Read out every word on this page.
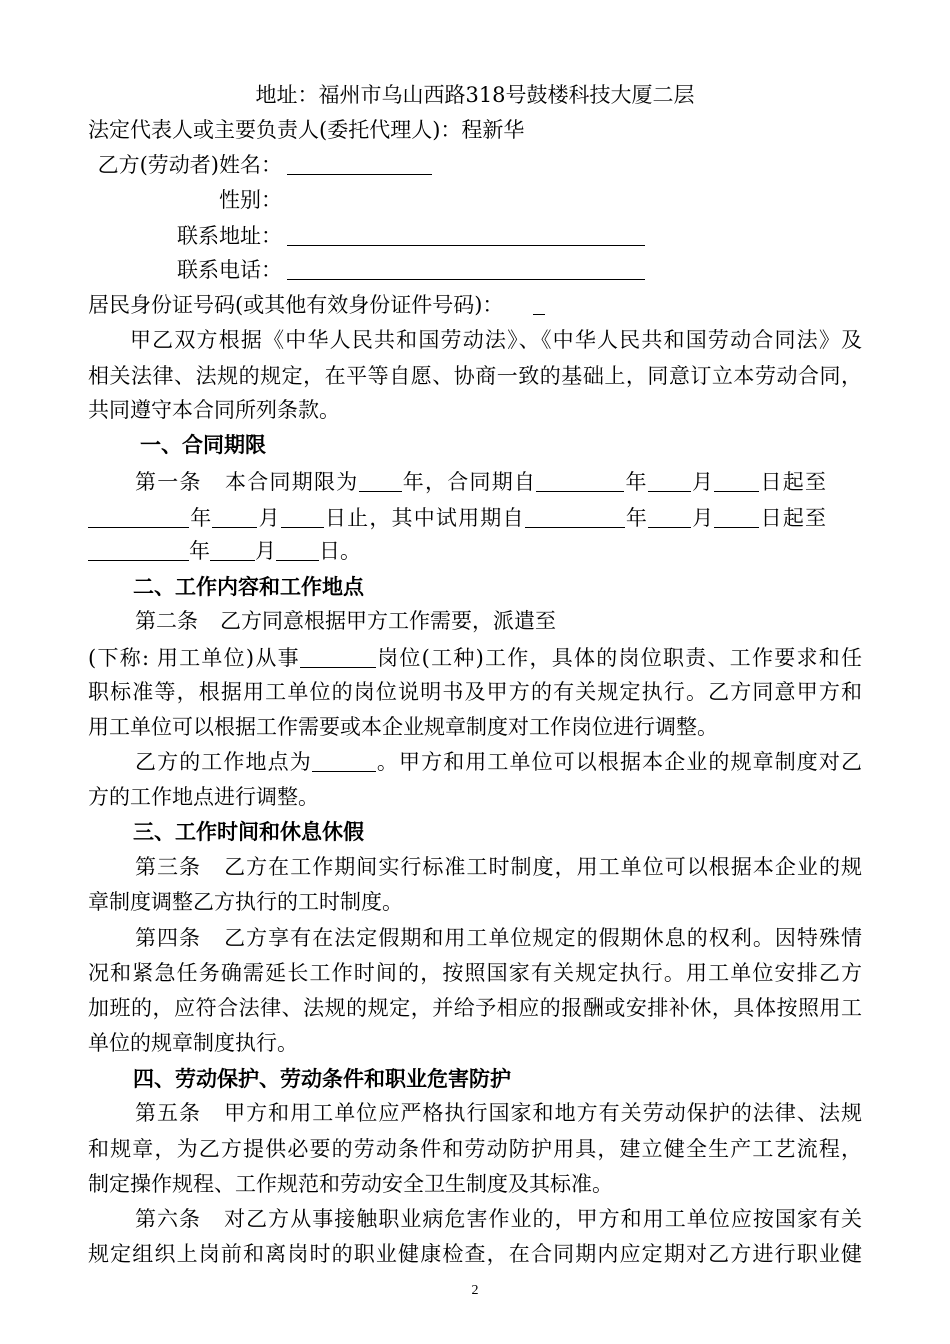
地址：福州市乌山西路318号鼓楼科技大厦二层
法定代表人或主要负责人(委托代理人)：程新华
乙方(劳动者)姓名：
性别：
联系地址：
联系电话：
居民身份证号码(或其他有效身份证件号码)：
甲乙双方根据《中华人民共和国劳动法》、《中华人民共和国劳动合同法》及
相关法律、法规的规定，在平等自愿、协商一致的基础上，同意订立本劳动合同，
共同遵守本合同所列条款。
一、合同期限
第一条 本合同期限为 年，合同期自	年 月 日起至
年 月 日止，其中试用期自	年 月 日起至
年 月 日。
二、工作内容和工作地点
第二条 乙方同意根据甲方工作需要，派遣至
(下称: 用工单位)从事	岗位(工种)工作，具体的岗位职责、工作要求和任
职标准等，根据用工单位的岗位说明书及甲方的有关规定执行。乙方同意甲方和
用工单位可以根据工作需要或本企业规章制度对工作岗位进行调整。
乙方的工作地点为	。甲方和用工单位可以根据本企业的规章制度对乙
方的工作地点进行调整。
三、工作时间和休息休假
第三条 乙方在工作期间实行标准工时制度，用工单位可以根据本企业的规
章制度调整乙方执行的工时制度。
第四条 乙方享有在法定假期和用工单位规定的假期休息的权利。因特殊情
况和紧急任务确需延长工作时间的，按照国家有关规定执行。用工单位安排乙方
加班的，应符合法律、法规的规定，并给予相应的报酬或安排补休，具体按照用工
单位的规章制度执行。
四、劳动保护、劳动条件和职业危害防护
第五条 甲方和用工单位应严格执行国家和地方有关劳动保护的法律、法规
和规章，为乙方提供必要的劳动条件和劳动防护用具，建立健全生产工艺流程，
制定操作规程、工作规范和劳动安全卫生制度及其标准。
第六条 对乙方从事接触职业病危害作业的，甲方和用工单位应按国家有关
规定组织上岗前和离岗时的职业健康检查，在合同期内应定期对乙方进行职业健
2
